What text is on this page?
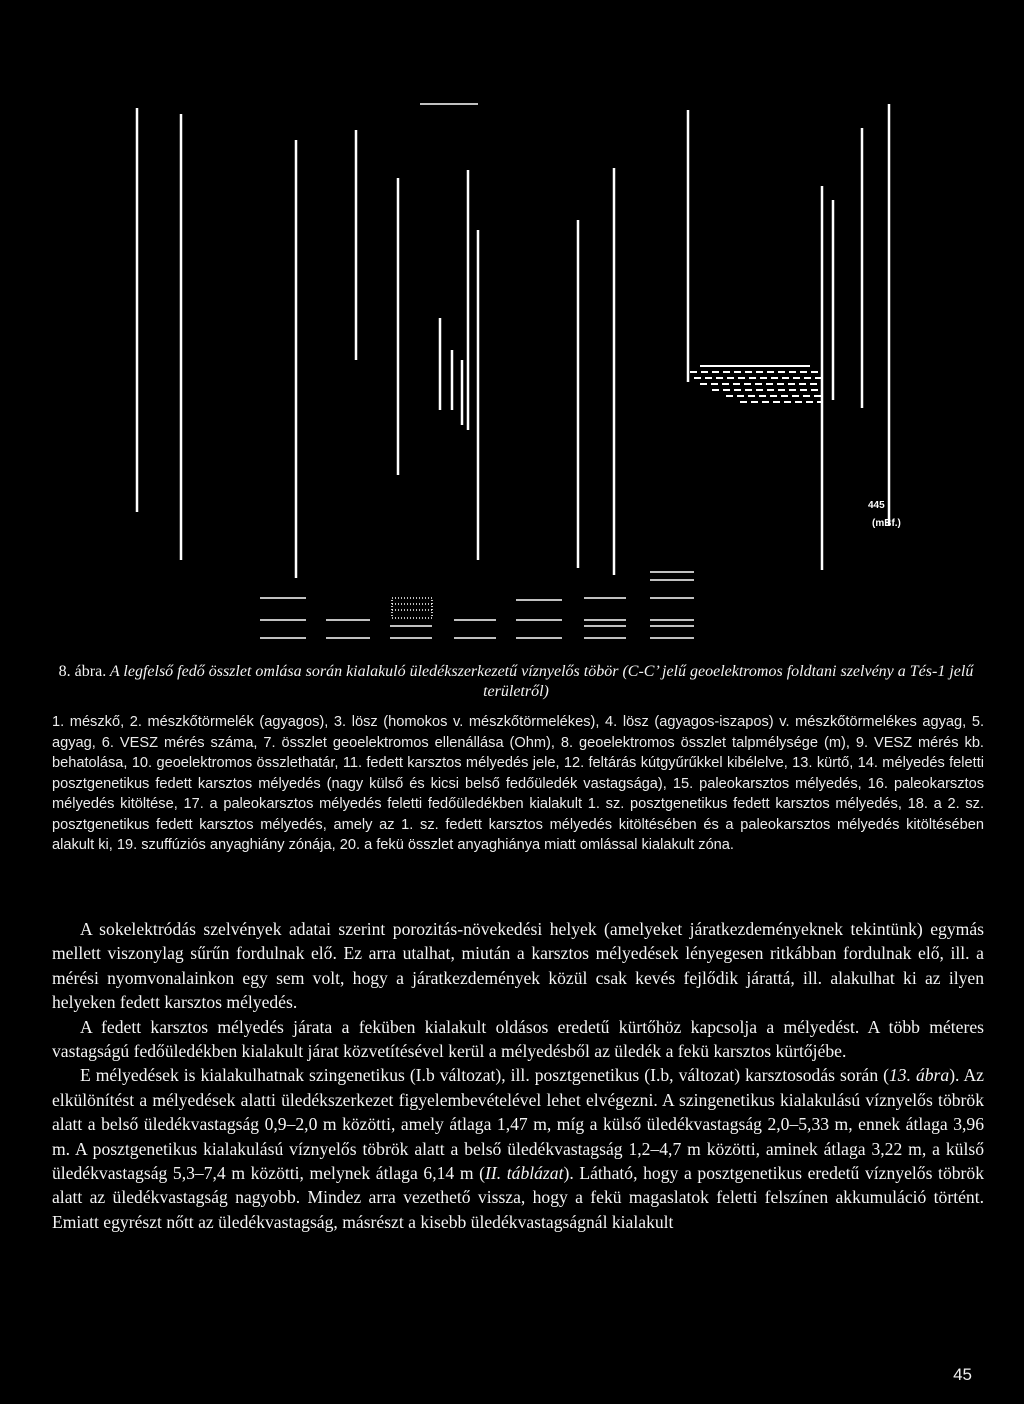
445
(mBf.)
8. ábra. A legfelső fedő összlet omlása során kialakuló üledékszerkezetű víznyelős töbör (C-C’ jelű geoelektromos foldtani szelvény a Tés-1 jelű területről)
1. mészkő, 2. mészkőtörmelék (agyagos), 3. lösz (homokos v. mészkőtörmelékes), 4. lösz (agyagos-iszapos) v. mészkőtörmelékes agyag, 5. agyag, 6. VESZ mérés száma, 7. összlet geoelektromos ellenállása (Ohm), 8. geoelektromos összlet talpmélysége (m), 9. VESZ mérés kb. behatolása, 10. geoelektromos összlethatár, 11. fedett karsztos mélyedés jele, 12. feltárás kútgyűrűkkel kibélelve, 13. kürtő, 14. mélyedés feletti posztgenetikus fedett karsztos mélyedés (nagy külső és kicsi belső fedőüledék vastagsága), 15. paleokarsztos mélyedés, 16. paleokarsztos mélyedés kitöltése, 17. a paleokarsztos mélyedés feletti fedőüledékben kialakult 1. sz. posztgenetikus fedett karsztos mélyedés, 18. a 2. sz. posztgenetikus fedett karsztos mélyedés, amely az 1. sz. fedett karsztos mélyedés kitöltésében és a paleokarsztos mélyedés kitöltésében alakult ki, 19. szuffúziós anyaghiány zónája, 20. a fekü összlet anyaghiánya miatt omlással kialakult zóna.

A sokelektródás szelvények adatai szerint porozitás-növekedési helyek (amelyeket járatkezdeményeknek tekintünk) egymás mellett viszonylag sűrűn fordulnak elő. Ez arra utalhat, miután a karsztos mélyedések lényegesen ritkábban fordulnak elő, ill. a mérési nyomvonalainkon egy sem volt, hogy a járatkezdemények közül csak kevés fejlődik járattá, ill. alakulhat ki az ilyen helyeken fedett karsztos mélyedés.

A fedett karsztos mélyedés járata a feküben kialakult oldásos eredetű kürtőhöz kapcsolja a mélyedést. A több méteres vastagságú fedőüledékben kialakult járat közvetítésével kerül a mélyedésből az üledék a fekü karsztos kürtőjébe.

E mélyedések is kialakulhatnak szingenetikus (I.b változat), ill. posztgenetikus (I.b, változat) karsztosodás során (13. ábra). Az elkülönítést a mélyedések alatti üledékszerkezet figyelembevételével lehet elvégezni. A szingenetikus kialakulású víznyelős töbrök alatt a belső üledékvastagság 0,9–2,0 m közötti, amely átlaga 1,47 m, míg a külső üledékvastagság 2,0–5,33 m, ennek átlaga 3,96 m. A posztgenetikus kialakulású víznyelős töbrök alatt a belső üledékvastagság 1,2–4,7 m közötti, aminek átlaga 3,22 m, a külső üledékvastagság 5,3–7,4 m közötti, melynek átlaga 6,14 m (II. táblázat). Látható, hogy a posztgenetikus eredetű víznyelős töbrök alatt az üledékvastagság nagyobb. Mindez arra vezethető vissza, hogy a fekü magaslatok feletti felszínen akkumuláció történt. Emiatt egyrészt nőtt az üledékvastagság, másrészt a kisebb üledékvastagságnál kialakult

45
